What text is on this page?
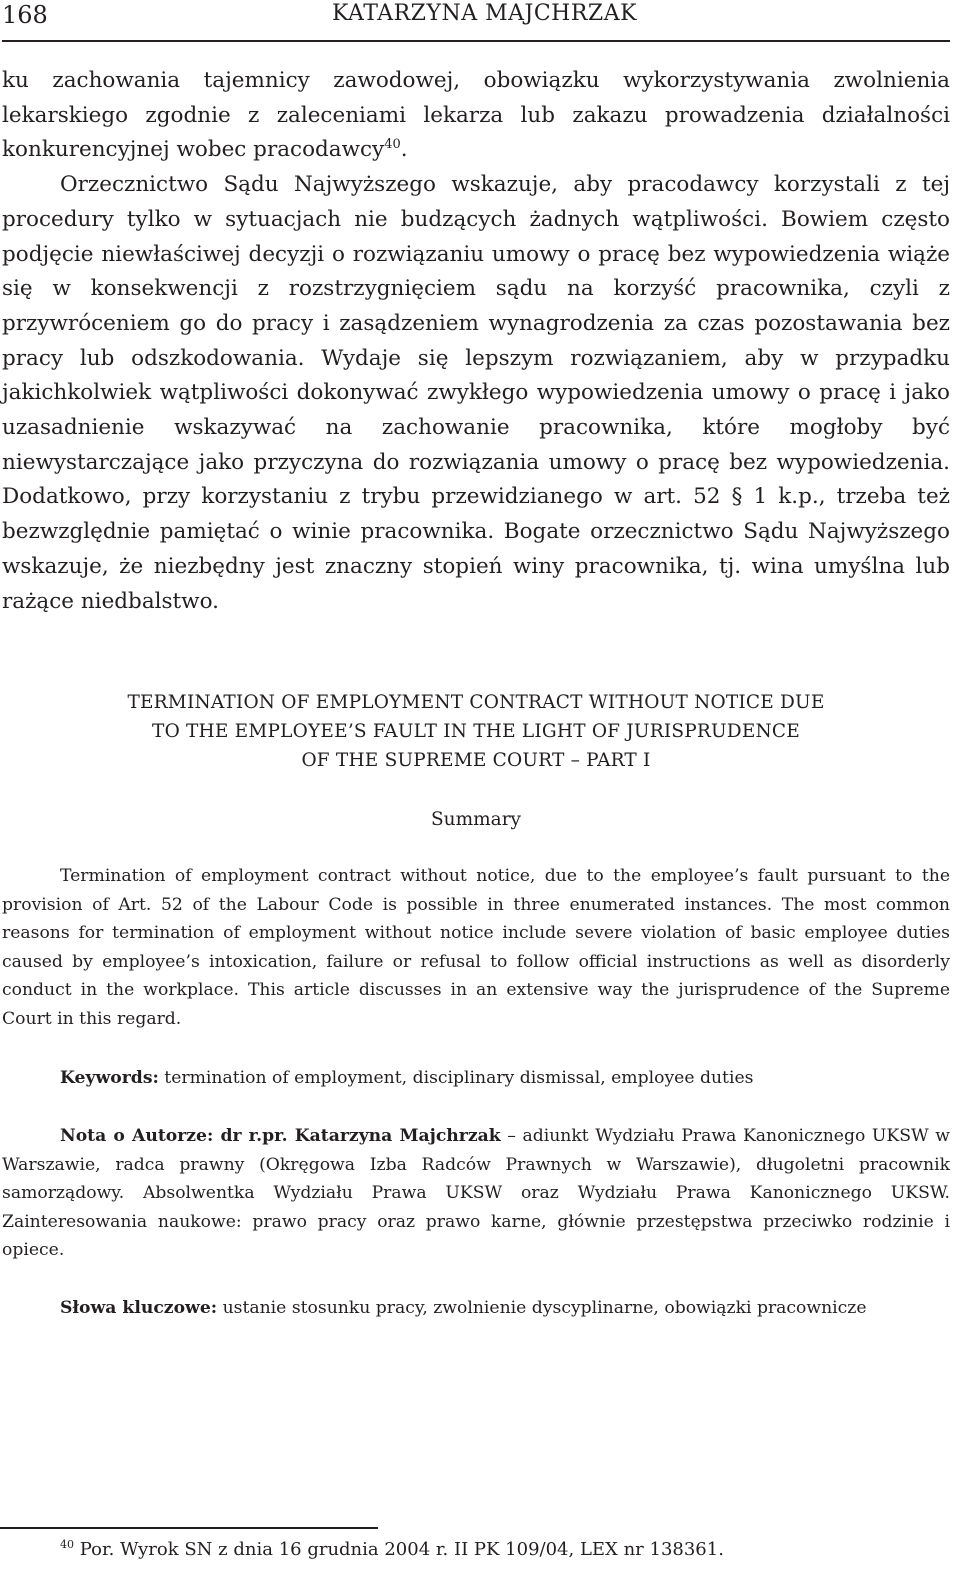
168	KATARZYNA MAJCHRZAK

ku zachowania tajemnicy zawodowej, obowiązku wykorzystywania zwolnienia lekarskiego zgodnie z zaleceniami lekarza lub zakazu prowadzenia działalności konkurencyjnej wobec pracodawcy$^{40}$.

Orzecznictwo Sądu Najwyższego wskazuje, aby pracodawcy korzystali z tej procedury tylko w sytuacjach nie budzących żadnych wątpliwości. Bowiem często podjęcie niewłaściwej decyzji o rozwiązaniu umowy o pracę bez wypowiedzenia wiąże się w konsekwencji z rozstrzygnięciem sądu na korzyść pracownika, czyli z przywróceniem go do pracy i zasądzeniem wynagrodzenia za czas pozostawania bez pracy lub odszkodowania. Wydaje się lepszym rozwiązaniem, aby w przypadku jakichkolwiek wątpliwości dokonywać zwykłego wypowiedzenia umowy o pracę i jako uzasadnienie wskazywać na zachowanie pracownika, które mogłoby być niewystarczające jako przyczyna do rozwiązania umowy o pracę bez wypowiedzenia. Dodatkowo, przy korzystaniu z trybu przewidzianego w art. 52 § 1 k.p., trzeba też bezwzględnie pamiętać o winie pracownika. Bogate orzecznictwo Sądu Najwyższego wskazuje, że niezbędny jest znaczny stopień winy pracownika, tj. wina umyślna lub rażące niedbalstwo.

TERMINATION OF EMPLOYMENT CONTRACT WITHOUT NOTICE DUE
TO THE EMPLOYEE’S FAULT IN THE LIGHT OF JURISPRUDENCE
OF THE SUPREME COURT – PART I
Summary

Termination of employment contract without notice, due to the employee’s fault pursuant to the provision of Art. 52 of the Labour Code is possible in three enumerated instances. The most common reasons for termination of employment without notice include severe violation of basic employee duties caused by employee’s intoxication, failure or refusal to follow official instructions as well as disorderly conduct in the workplace. This article discusses in an extensive way the jurisprudence of the Supreme Court in this regard.

Keywords: termination of employment, disciplinary dismissal, employee duties

Nota o Autorze: dr r.pr. Katarzyna Majchrzak – adiunkt Wydziału Prawa Kanonicznego UKSW w Warszawie, radca prawny (Okręgowa Izba Radców Prawnych w Warszawie), długoletni pracownik samorządowy. Absolwentka Wydziału Prawa UKSW oraz Wydziału Prawa Kanonicznego UKSW. Zainteresowania naukowe: prawo pracy oraz prawo karne, głównie przestępstwa przeciwko rodzinie i opiece.

Słowa kluczowe: ustanie stosunku pracy, zwolnienie dyscyplinarne, obowiązki pracownicze

$^{40}$ Por. Wyrok SN z dnia 16 grudnia 2004 r. II PK 109/04, LEX nr 138361.
